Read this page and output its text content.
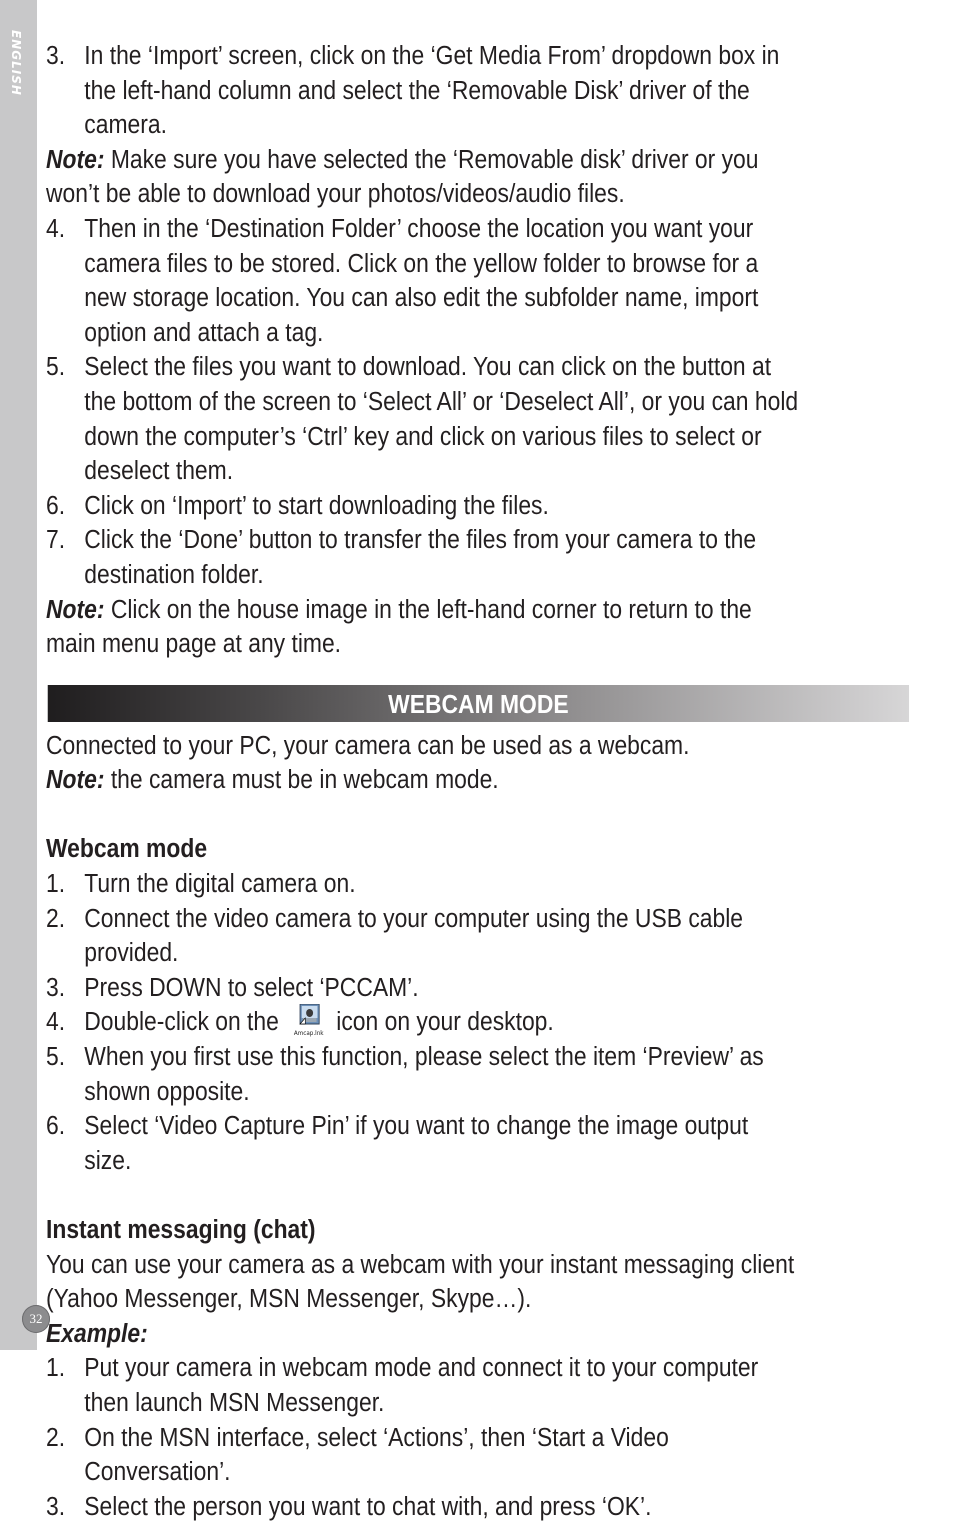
ENGLISH
32
3. In the ‘Import’ screen, click on the ‘Get Media From’ dropdown box in the left-hand column and select the ‘Removable Disk’ driver of the camera.

Note: Make sure you have selected the ‘Removable disk’ driver or you won’t be able to download your photos/videos/audio files.

4. Then in the ‘Destination Folder’ choose the location you want your camera files to be stored. Click on the yellow folder to browse for a new storage location. You can also edit the subfolder name, import option and attach a tag.
5. Select the files you want to download. You can click on the button at the bottom of the screen to ‘Select All’ or ‘Deselect All’, or you can hold down the computer’s ‘Ctrl’ key and click on various files to select or deselect them.
6. Click on ‘Import’ to start downloading the files.
7. Click the ‘Done’ button to transfer the files from your camera to the destination folder.

Note: Click on the house image in the left-hand corner to return to the main menu page at any time.

WEBCAM MODE

Connected to your PC, your camera can be used as a webcam.

Note: the camera must be in webcam mode.

Webcam mode

1. Turn the digital camera on.
2. Connect the video camera to your computer using the USB cable provided.
3. Press DOWN to select ‘PCCAM’.
4. Double-click on the Amcap.lnk icon on your desktop.
5. When you first use this function, please select the item ‘Preview’ as shown opposite.
6. Select ‘Video Capture Pin’ if you want to change the image output size.

Instant messaging (chat)

You can use your camera as a webcam with your instant messaging client (Yahoo Messenger, MSN Messenger, Skype…).

Example:

1. Put your camera in webcam mode and connect it to your computer then launch MSN Messenger.
2. On the MSN interface, select ‘Actions’, then ‘Start a Video Conversation’.
3. Select the person you want to chat with, and press ‘OK’.
